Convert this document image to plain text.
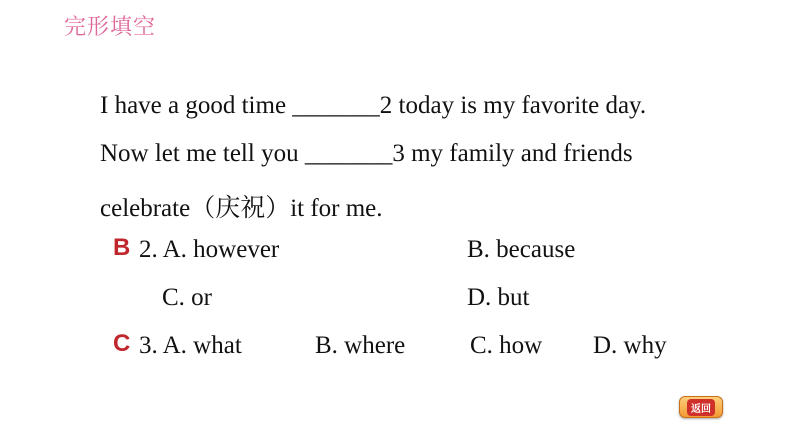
完形填空
I have a good time _______2 today is my favorite day.
Now let me tell you _______3 my family and friends
celebrate（庆祝）it for me.
B 2. A. however	B. because
C. or	D. but
C 3. A. what	B. where	C. how D. why
返回
